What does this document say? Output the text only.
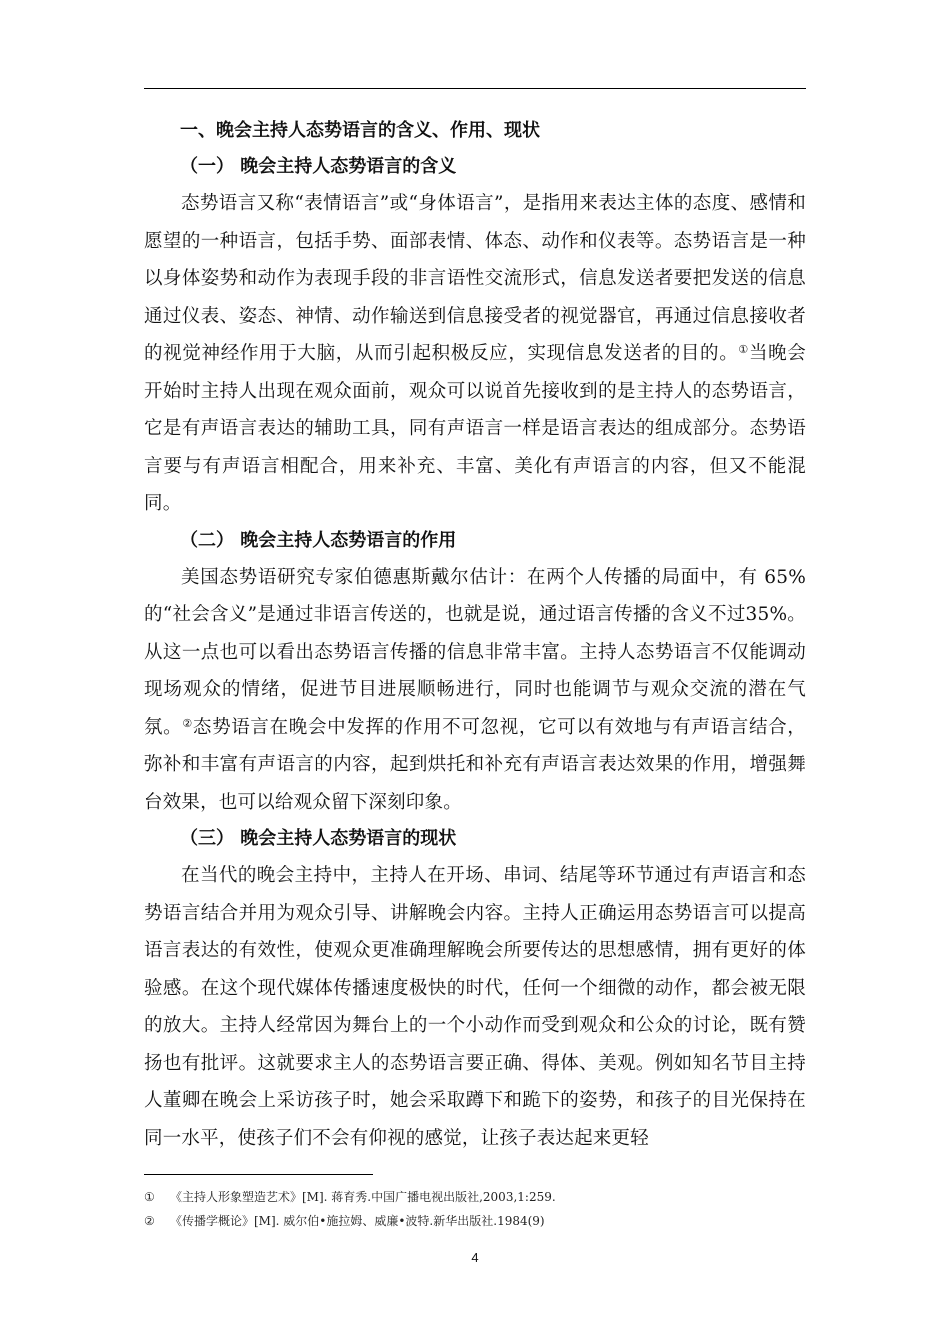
一、晚会主持人态势语言的含义、作用、现状
（一） 晚会主持人态势语言的含义

态势语言又称“表情语言”或“身体语言”，是指用来表达主体的态度、感情和愿望的一种语言，包括手势、面部表情、体态、动作和仪表等。态势语言是一种以身体姿势和动作为表现手段的非言语性交流形式，信息发送者要把发送的信息通过仪表、姿态、神情、动作输送到信息接受者的视觉器官，再通过信息接收者的视觉神经作用于大脑，从而引起积极反应，实现信息发送者的目的。①当晚会开始时主持人出现在观众面前，观众可以说首先接收到的是主持人的态势语言，它是有声语言表达的辅助工具，同有声语言一样是语言表达的组成部分。态势语言要与有声语言相配合，用来补充、丰富、美化有声语言的内容，但又不能混同。

（二） 晚会主持人态势语言的作用

美国态势语研究专家伯德惠斯戴尔估计：在两个人传播的局面中，有 65%的“社会含义”是通过非语言传送的，也就是说，通过语言传播的含义不过35%。从这一点也可以看出态势语言传播的信息非常丰富。主持人态势语言不仅能调动现场观众的情绪，促进节目进展顺畅进行，同时也能调节与观众交流的潜在气氛。②态势语言在晚会中发挥的作用不可忽视，它可以有效地与有声语言结合，弥补和丰富有声语言的内容，起到烘托和补充有声语言表达效果的作用，增强舞台效果，也可以给观众留下深刻印象。

（三） 晚会主持人态势语言的现状

在当代的晚会主持中，主持人在开场、串词、结尾等环节通过有声语言和态势语言结合并用为观众引导、讲解晚会内容。主持人正确运用态势语言可以提高语言表达的有效性，使观众更准确理解晚会所要传达的思想感情，拥有更好的体验感。在这个现代媒体传播速度极快的时代，任何一个细微的动作，都会被无限的放大。主持人经常因为舞台上的一个小动作而受到观众和公众的讨论，既有赞扬也有批评。这就要求主人的态势语言要正确、得体、美观。例如知名节目主持人董卿在晚会上采访孩子时，她会采取蹲下和跪下的姿势，和孩子的目光保持在同一水平，使孩子们不会有仰视的感觉，让孩子表达起来更轻

① 《主持人形象塑造艺术》[M]. 蒋育秀.中国广播电视出版社,2003,1:259.
② 《传播学概论》[M]. 威尔伯•施拉姆、威廉•波特.新华出版社.1984(9)
4
